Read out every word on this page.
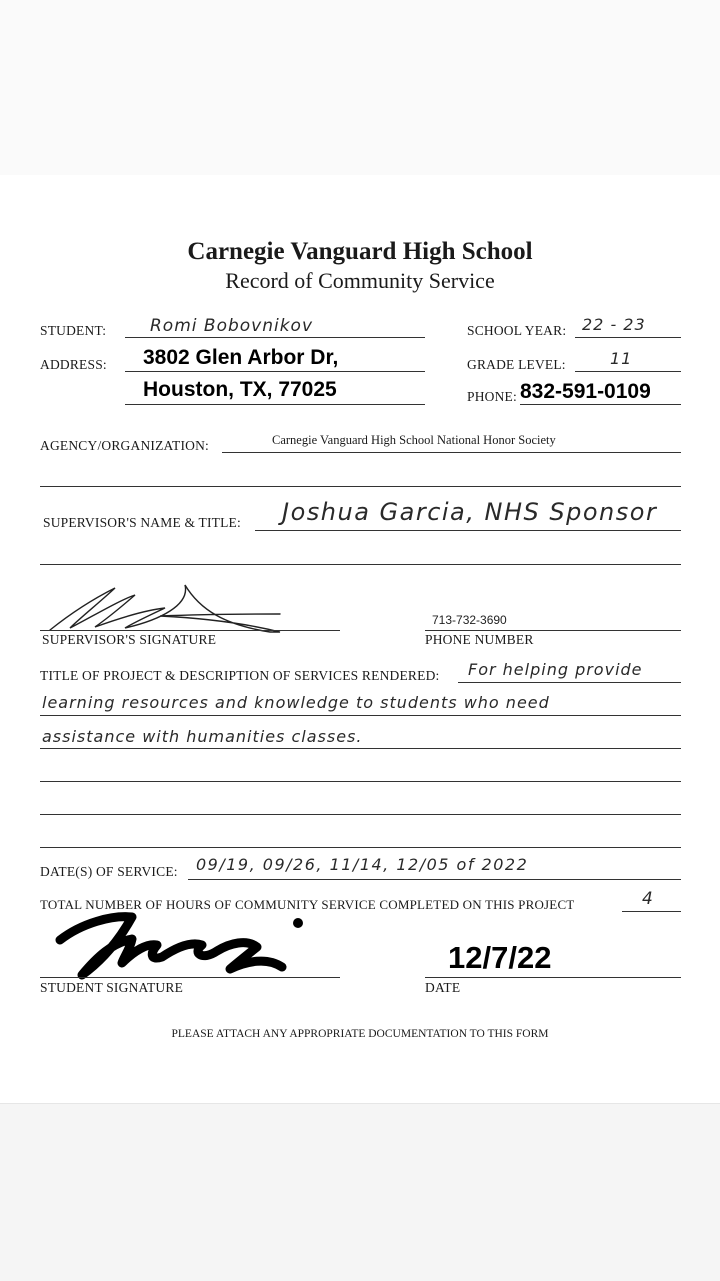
Carnegie Vanguard High School
Record of Community Service
STUDENT:	Romi Bobovnikov	SCHOOL YEAR: 22 - 23
ADDRESS: 3802 Glen Arbor Dr,
Houston, TX, 77025
GRADE LEVEL:	11
PHONE: 832-591-0109
AGENCY/ORGANIZATION:	Carnegie Vanguard High School National Honor Society
SUPERVISOR'S NAME & TITLE: Joshua Garcia, NHS Sponsor
SUPERVISOR'S SIGNATURE
713-732-3690
PHONE NUMBER
TITLE OF PROJECT & DESCRIPTION OF SERVICES RENDERED: For helping provide
learning resources and knowledge to students who need
assistance with humanities classes.
DATE(S) OF SERVICE: 09/19, 09/26, 11/14, 12/05 of 2022
TOTAL NUMBER OF HOURS OF COMMUNITY SERVICE COMPLETED ON THIS PROJECT	4
STUDENT SIGNATURE
12/7/22
DATE
PLEASE ATTACH ANY APPROPRIATE DOCUMENTATION TO THIS FORM
